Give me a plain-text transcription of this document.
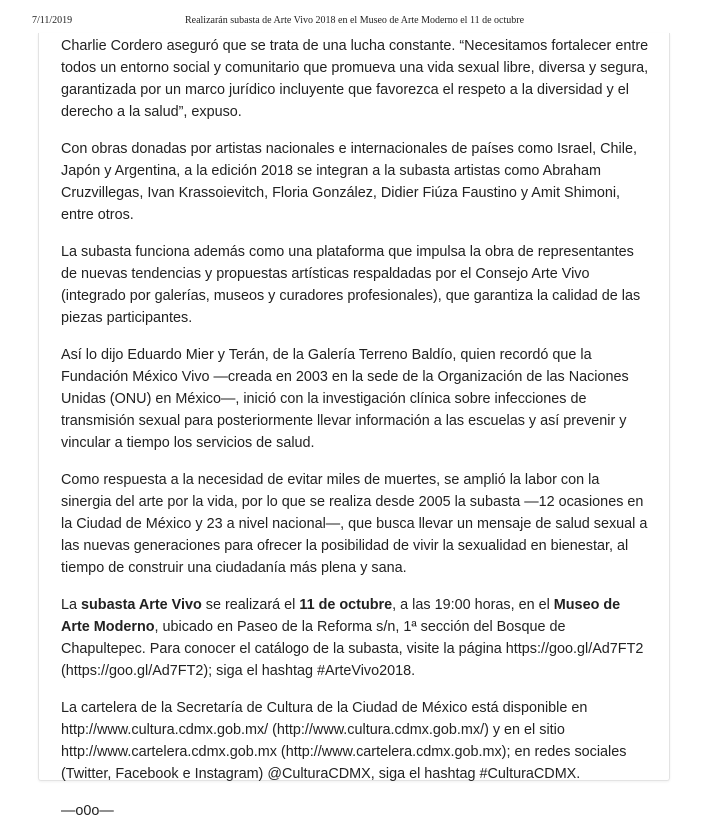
7/11/2019	Realizarán subasta de Arte Vivo 2018 en el Museo de Arte Moderno el 11 de octubre

Charlie Cordero aseguró que se trata de una lucha constante. “Necesitamos fortalecer entre todos un entorno social y comunitario que promueva una vida sexual libre, diversa y segura, garantizada por un marco jurídico incluyente que favorezca el respeto a la diversidad y el derecho a la salud”, expuso.

Con obras donadas por artistas nacionales e internacionales de países como Israel, Chile, Japón y Argentina, a la edición 2018 se integran a la subasta artistas como Abraham Cruzvillegas, Ivan Krassoievitch, Floria González, Didier Fiúza Faustino y Amit Shimoni, entre otros.

La subasta funciona además como una plataforma que impulsa la obra de representantes de nuevas tendencias y propuestas artísticas respaldadas por el Consejo Arte Vivo (integrado por galerías, museos y curadores profesionales), que garantiza la calidad de las piezas participantes.

Así lo dijo Eduardo Mier y Terán, de la Galería Terreno Baldío, quien recordó que la Fundación México Vivo —creada en 2003 en la sede de la Organización de las Naciones Unidas (ONU) en México—, inició con la investigación clínica sobre infecciones de transmisión sexual para posteriormente llevar información a las escuelas y así prevenir y vincular a tiempo los servicios de salud.

Como respuesta a la necesidad de evitar miles de muertes, se amplió la labor con la sinergia del arte por la vida, por lo que se realiza desde 2005 la subasta —12 ocasiones en la Ciudad de México y 23 a nivel nacional—, que busca llevar un mensaje de salud sexual a las nuevas generaciones para ofrecer la posibilidad de vivir la sexualidad en bienestar, al tiempo de construir una ciudadanía más plena y sana.

La subasta Arte Vivo se realizará el 11 de octubre, a las 19:00 horas, en el Museo de Arte Moderno, ubicado en Paseo de la Reforma s/n, 1ª sección del Bosque de Chapultepec. Para conocer el catálogo de la subasta, visite la página https://goo.gl/Ad7FT2 (https://goo.gl/Ad7FT2); siga el hashtag #ArteVivo2018.

La cartelera de la Secretaría de Cultura de la Ciudad de México está disponible en http://www.cultura.cdmx.gob.mx/ (http://www.cultura.cdmx.gob.mx/) y en el sitio http://www.cartelera.cdmx.gob.mx (http://www.cartelera.cdmx.gob.mx); en redes sociales (Twitter, Facebook e Instagram) @CulturaCDMX, siga el hashtag #CulturaCDMX.

—o0o—
